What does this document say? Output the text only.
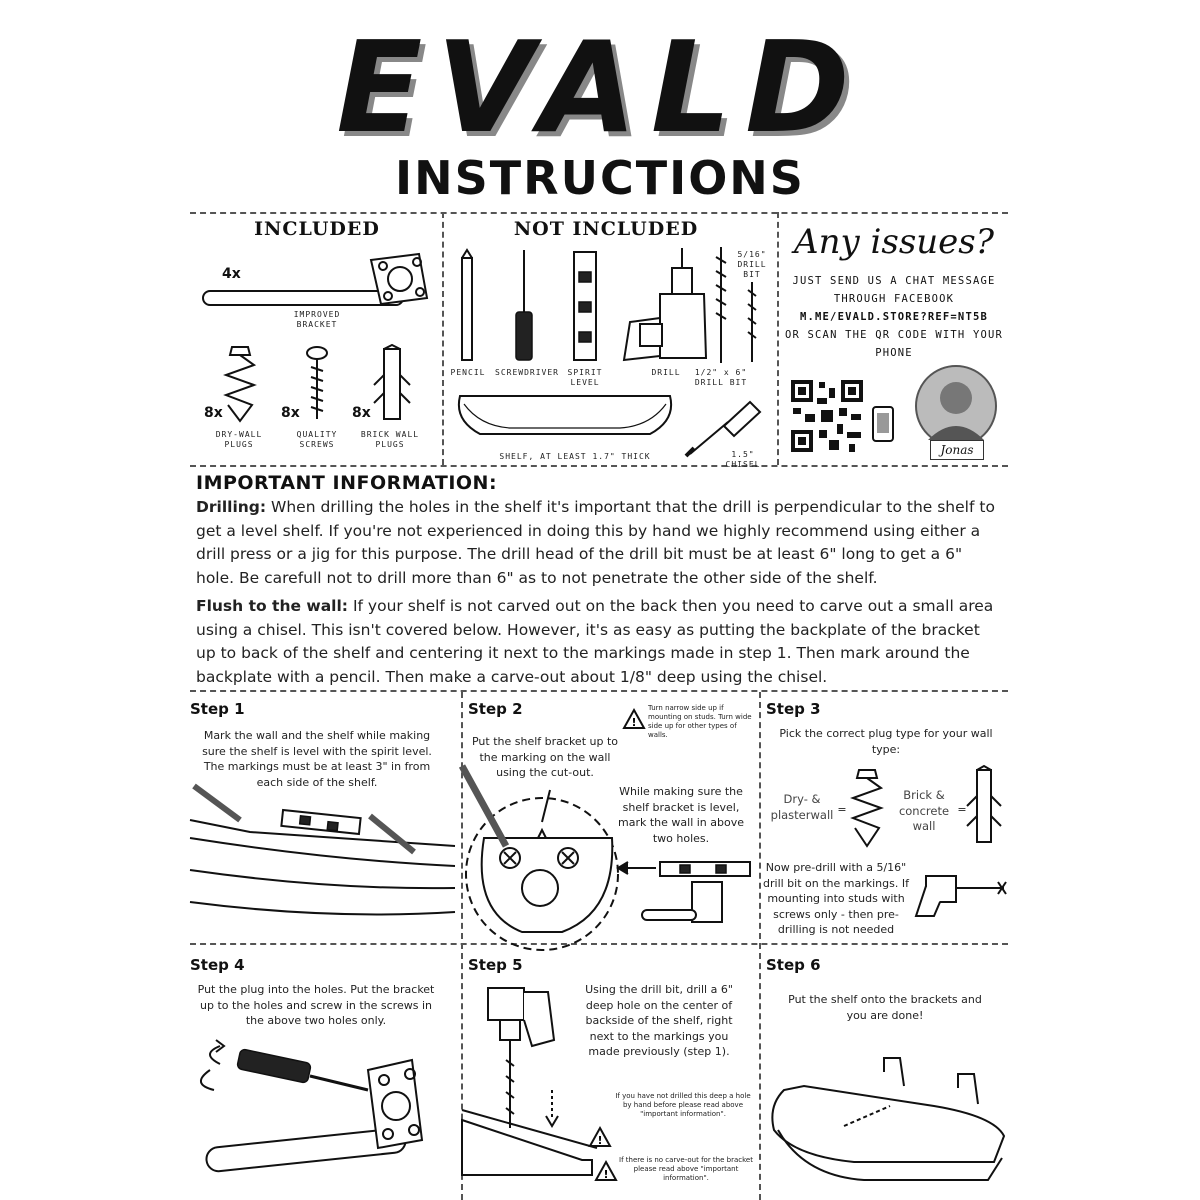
EVALD
INSTRUCTIONS
INCLUDED
4x
IMPROVED BRACKET
8x	8x	8x
DRY-WALL PLUGS
QUALITY SCREWS
BRICK WALL PLUGS
NOT INCLUDED
5/16" DRILL BIT
PENCIL	SCREWDRIVER SPIRIT LEVEL
DRILL	1/2" x 6" DRILL BIT
SHELF, AT LEAST 1.7" THICK	1.5" CHISEL
Any issues?
JUST SEND US A CHAT MESSAGE
THROUGH FACEBOOK
M.ME/EVALD.STORE?REF=NT5B
OR SCAN THE QR CODE WITH YOUR
PHONE
Jonas
IMPORTANT INFORMATION:
Drilling: When drilling the holes in the shelf it's important that the drill is perpendicular to the shelf to get a level shelf. If you're not experienced in doing this by hand we highly recommend using either a drill press or a jig for this purpose. The drill head of the drill bit must be at least 6" long to get a 6" hole. Be carefull not to drill more than 6" as to not penetrate the other side of the shelf.
Flush to the wall: If your shelf is not carved out on the back then you need to carve out a small area using a chisel. This isn't covered below. However, it's as easy as putting the backplate of the bracket up to back of the shelf and centering it next to the markings made in step 1. Then mark around the backplate with a pencil. Then make a carve-out about 1/8" deep using the chisel.
Step 1
Mark the wall and the shelf while making sure the shelf is level with the spirit level. The markings must be at least 3" in from each side of the shelf.
Step 2
!
Turn narrow side up if mounting on studs. Turn wide side up for other types of walls.
Put the shelf bracket up to the marking on the wall using the cut-out.
While making sure the shelf bracket is level, mark the wall in above two holes.
Step 3
Pick the correct plug type for your wall type:
Dry- & plasterwall =
Brick & concrete wall
=
Now pre-drill with a 5/16" drill bit on the markings. If mounting into studs with screws only - then pre-drilling is not needed
Step 4
Put the plug into the holes. Put the bracket up to the holes and screw in the screws in the above two holes only.
Step 5
Using the drill bit, drill a 6" deep hole on the center of backside of the shelf, right next to the markings you made previously (step 1).
!
If you have not drilled this deep a hole by hand before please read above "important information".
!
If there is no carve-out for the bracket please read above "important information".
Step 6
Put the shelf onto the brackets and you are done!
